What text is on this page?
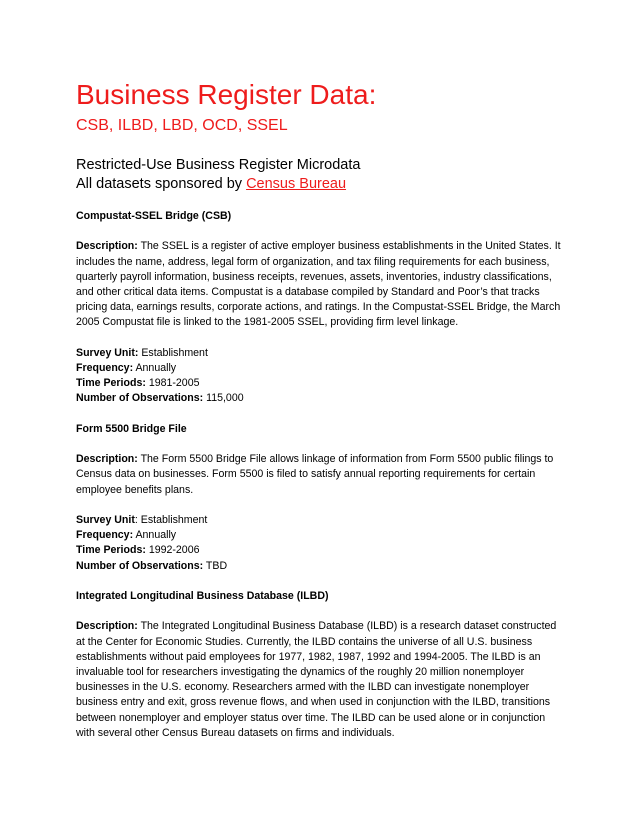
Business Register Data:
CSB, ILBD, LBD, OCD, SSEL
Restricted-Use Business Register Microdata
All datasets sponsored by Census Bureau

Compustat-SSEL Bridge (CSB)

Description: The SSEL is a register of active employer business establishments in the United States. It includes the name, address, legal form of organization, and tax filing requirements for each business, quarterly payroll information, business receipts, revenues, assets, inventories, industry classifications, and other critical data items. Compustat is a database compiled by Standard and Poor’s that tracks pricing data, earnings results, corporate actions, and ratings. In the Compustat-SSEL Bridge, the March 2005 Compustat file is linked to the 1981-2005 SSEL, providing firm level linkage.

Survey Unit: Establishment

Frequency: Annually

Time Periods: 1981-2005

Number of Observations: 115,000

Form 5500 Bridge File

Description: The Form 5500 Bridge File allows linkage of information from Form 5500 public filings to Census data on businesses. Form 5500 is filed to satisfy annual reporting requirements for certain employee benefits plans.

Survey Unit: Establishment

Frequency: Annually

Time Periods: 1992-2006

Number of Observations: TBD

Integrated Longitudinal Business Database (ILBD)

Description: The Integrated Longitudinal Business Database (ILBD) is a research dataset constructed at the Center for Economic Studies. Currently, the ILBD contains the universe of all U.S. business establishments without paid employees for 1977, 1982, 1987, 1992 and 1994-2005. The ILBD is an invaluable tool for researchers investigating the dynamics of the roughly 20 million nonemployer businesses in the U.S. economy. Researchers armed with the ILBD can investigate nonemployer business entry and exit, gross revenue flows, and when used in conjunction with the ILBD, transitions between nonemployer and employer status over time. The ILBD can be used alone or in conjunction with several other Census Bureau datasets on firms and individuals.
